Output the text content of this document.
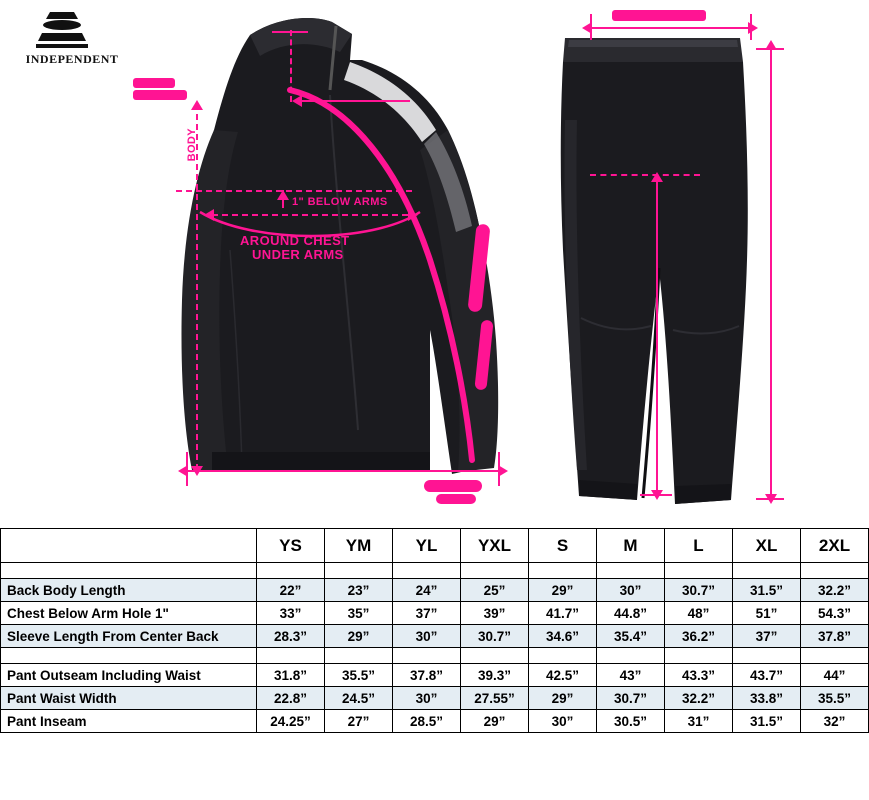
INDEPENDENT
BODY
1" BELOW ARMS
AROUND CHEST
UNDER ARMS
	YS	YM	YL	YXL	S	M	L	XL	2XL

Back Body Length	22”	23”	24”	25”	29”	30”	30.7”	31.5”	32.2”
Chest Below Arm Hole 1"	33”	35”	37”	39”	41.7”	44.8”	48”	51”	54.3”
Sleeve Length From Center Back	28.3”	29”	30”	30.7”	34.6”	35.4”	36.2”	37”	37.8”

Pant Outseam Including Waist	31.8”	35.5”	37.8”	39.3”	42.5”	43”	43.3”	43.7”	44”
Pant Waist Width	22.8”	24.5”	30”	27.55”	29”	30.7”	32.2”	33.8”	35.5”
Pant Inseam	24.25”	27”	28.5”	29”	30”	30.5”	31”	31.5”	32”
